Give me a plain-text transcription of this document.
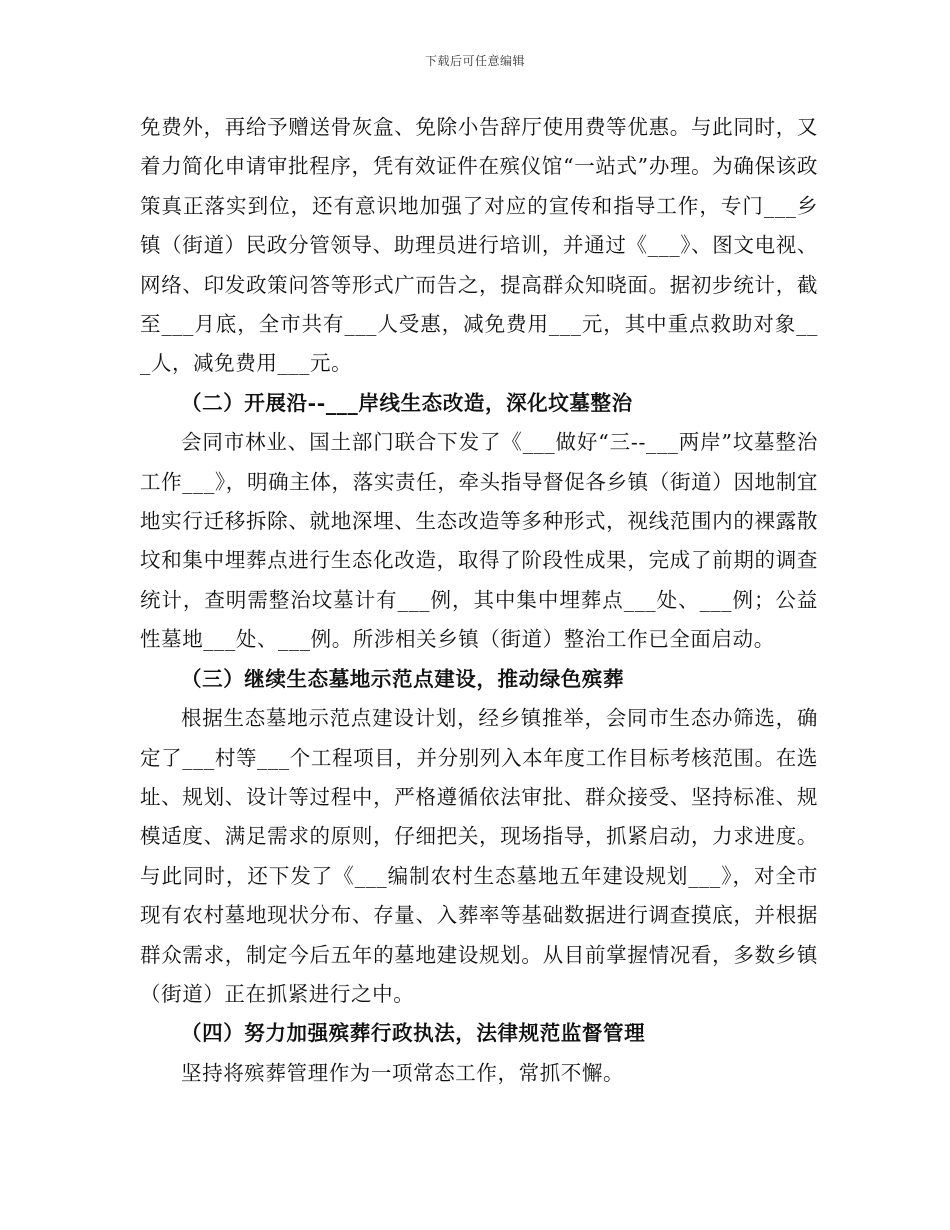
下载后可任意编辑

免费外，再给予赠送骨灰盒、免除小告辞厅使用费等优惠。与此同时，又着力简化申请审批程序，凭有效证件在殡仪馆“一站式”办理。为确保该政策真正落实到位，还有意识地加强了对应的宣传和指导工作，专门___乡镇（街道）民政分管领导、助理员进行培训，并通过《___》、图文电视、网络、印发政策问答等形式广而告之，提高群众知晓面。据初步统计，截至___月底，全市共有___人受惠，减免费用___元，其中重点救助对象___人，减免费用___元。

（二）开展沿--___岸线生态改造，深化坟墓整治

会同市林业、国土部门联合下发了《___做好“三--___两岸”坟墓整治工作___》，明确主体，落实责任，牵头指导督促各乡镇（街道）因地制宜地实行迁移拆除、就地深埋、生态改造等多种形式，视线范围内的裸露散坟和集中埋葬点进行生态化改造，取得了阶段性成果，完成了前期的调查统计，查明需整治坟墓计有___例，其中集中埋葬点___处、___例；公益性墓地___处、___例。所涉相关乡镇（街道）整治工作已全面启动。

（三）继续生态墓地示范点建设，推动绿色殡葬

根据生态墓地示范点建设计划，经乡镇推举，会同市生态办筛选，确定了___村等___个工程项目，并分别列入本年度工作目标考核范围。在选址、规划、设计等过程中，严格遵循依法审批、群众接受、坚持标准、规模适度、满足需求的原则，仔细把关，现场指导，抓紧启动，力求进度。与此同时，还下发了《___编制农村生态墓地五年建设规划___》，对全市现有农村墓地现状分布、存量、入葬率等基础数据进行调查摸底，并根据群众需求，制定今后五年的墓地建设规划。从目前掌握情况看，多数乡镇（街道）正在抓紧进行之中。

（四）努力加强殡葬行政执法，法律规范监督管理

坚持将殡葬管理作为一项常态工作，常抓不懈。
